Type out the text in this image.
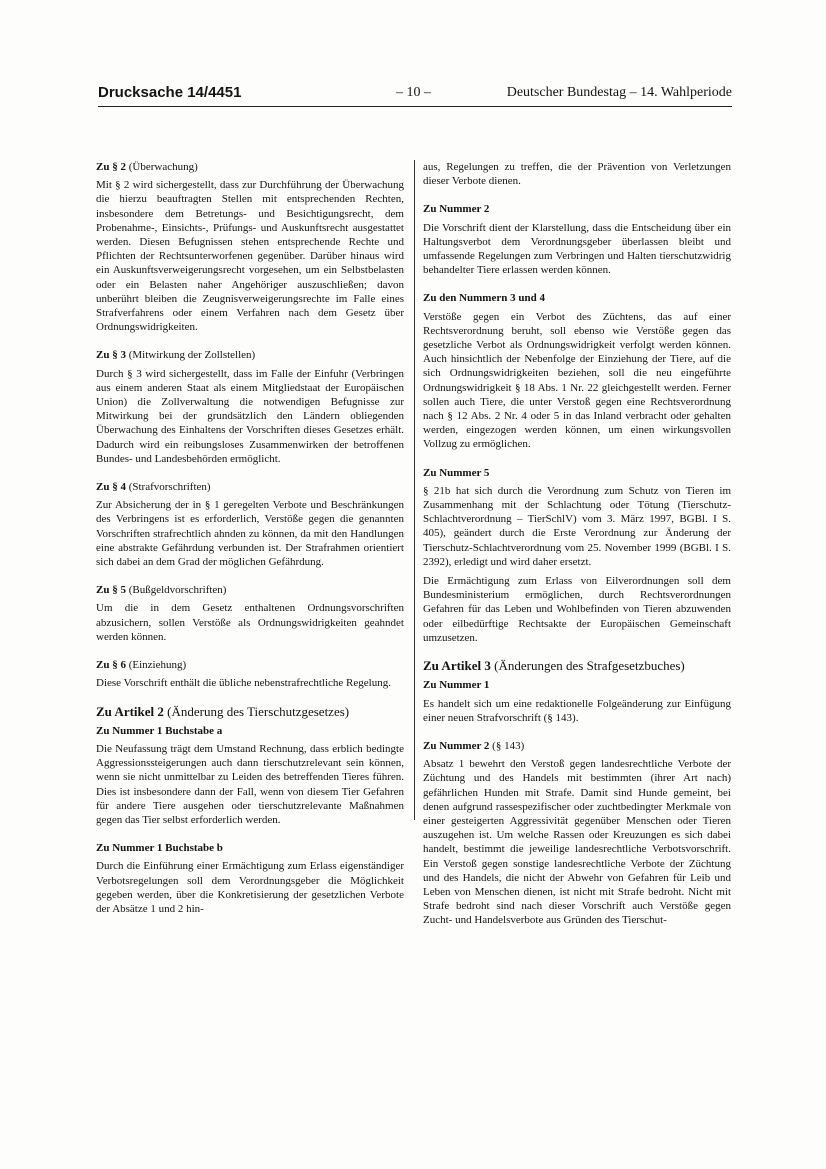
Drucksache 14/4451	– 10 –	Deutscher Bundestag – 14. Wahlperiode
Zu § 2 (Überwachung)

Mit § 2 wird sichergestellt, dass zur Durchführung der Überwachung die hierzu beauftragten Stellen mit entsprechenden Rechten, insbesondere dem Betretungs- und Besichtigungsrecht, dem Probenahme-, Einsichts-, Prüfungs- und Auskunftsrecht ausgestattet werden. Diesen Befugnissen stehen entsprechende Rechte und Pflichten der Rechtsunterworfenen gegenüber. Darüber hinaus wird ein Auskunftsverweigerungsrecht vorgesehen, um ein Selbstbelasten oder ein Belasten naher Angehöriger auszuschließen; davon unberührt bleiben die Zeugnisverweigerungsrechte im Falle eines Strafverfahrens oder einem Verfahren nach dem Gesetz über Ordnungswidrigkeiten.

Zu § 3 (Mitwirkung der Zollstellen)

Durch § 3 wird sichergestellt, dass im Falle der Einfuhr (Verbringen aus einem anderen Staat als einem Mitgliedstaat der Europäischen Union) die Zollverwaltung die notwendigen Befugnisse zur Mitwirkung bei der grundsätzlich den Ländern obliegenden Überwachung des Einhaltens der Vorschriften dieses Gesetzes erhält. Dadurch wird ein reibungsloses Zusammenwirken der betroffenen Bundes- und Landesbehörden ermöglicht.

Zu § 4 (Strafvorschriften)

Zur Absicherung der in § 1 geregelten Verbote und Beschränkungen des Verbringens ist es erforderlich, Verstöße gegen die genannten Vorschriften strafrechtlich ahnden zu können, da mit den Handlungen eine abstrakte Gefährdung verbunden ist. Der Strafrahmen orientiert sich dabei an dem Grad der möglichen Gefährdung.

Zu § 5 (Bußgeldvorschriften)

Um die in dem Gesetz enthaltenen Ordnungsvorschriften abzusichern, sollen Verstöße als Ordnungswidrigkeiten geahndet werden können.

Zu § 6 (Einziehung)

Diese Vorschrift enthält die übliche nebenstrafrechtliche Regelung.

Zu Artikel 2 (Änderung des Tierschutzgesetzes)
Zu Nummer 1 Buchstabe a

Die Neufassung trägt dem Umstand Rechnung, dass erblich bedingte Aggressionssteigerungen auch dann tierschutzrelevant sein können, wenn sie nicht unmittelbar zu Leiden des betreffenden Tieres führen. Dies ist insbesondere dann der Fall, wenn von diesem Tier Gefahren für andere Tiere ausgehen oder tierschutzrelevante Maßnahmen gegen das Tier selbst erforderlich werden.

Zu Nummer 1 Buchstabe b

Durch die Einführung einer Ermächtigung zum Erlass eigenständiger Verbotsregelungen soll dem Verordnungsgeber die Möglichkeit gegeben werden, über die Konkretisierung der gesetzlichen Verbote der Absätze 1 und 2 hin-

aus, Regelungen zu treffen, die der Prävention von Verletzungen dieser Verbote dienen.

Zu Nummer 2

Die Vorschrift dient der Klarstellung, dass die Entscheidung über ein Haltungsverbot dem Verordnungsgeber überlassen bleibt und umfassende Regelungen zum Verbringen und Halten tierschutzwidrig behandelter Tiere erlassen werden können.

Zu den Nummern 3 und 4

Verstöße gegen ein Verbot des Züchtens, das auf einer Rechtsverordnung beruht, soll ebenso wie Verstöße gegen das gesetzliche Verbot als Ordnungswidrigkeit verfolgt werden können. Auch hinsichtlich der Nebenfolge der Einziehung der Tiere, auf die sich Ordnungswidrigkeiten beziehen, soll die neu eingeführte Ordnungswidrigkeit § 18 Abs. 1 Nr. 22 gleichgestellt werden. Ferner sollen auch Tiere, die unter Verstoß gegen eine Rechtsverordnung nach § 12 Abs. 2 Nr. 4 oder 5 in das Inland verbracht oder gehalten werden, eingezogen werden können, um einen wirkungsvollen Vollzug zu ermöglichen.

Zu Nummer 5

§ 21b hat sich durch die Verordnung zum Schutz von Tieren im Zusammenhang mit der Schlachtung oder Tötung (Tierschutz-Schlachtverordnung – TierSchlV) vom 3. März 1997, BGBl. I S. 405), geändert durch die Erste Verordnung zur Änderung der Tierschutz-Schlachtverordnung vom 25. November 1999 (BGBl. I S. 2392), erledigt und wird daher ersetzt.

Die Ermächtigung zum Erlass von Eilverordnungen soll dem Bundesministerium ermöglichen, durch Rechtsverordnungen Gefahren für das Leben und Wohlbefinden von Tieren abzuwenden oder eilbedürftige Rechtsakte der Europäischen Gemeinschaft umzusetzen.

Zu Artikel 3 (Änderungen des Strafgesetzbuches)
Zu Nummer 1

Es handelt sich um eine redaktionelle Folgeänderung zur Einfügung einer neuen Strafvorschrift (§ 143).

Zu Nummer 2 (§ 143)

Absatz 1 bewehrt den Verstoß gegen landesrechtliche Verbote der Züchtung und des Handels mit bestimmten (ihrer Art nach) gefährlichen Hunden mit Strafe. Damit sind Hunde gemeint, bei denen aufgrund rassespezifischer oder zuchtbedingter Merkmale von einer gesteigerten Aggressivität gegenüber Menschen oder Tieren auszugehen ist. Um welche Rassen oder Kreuzungen es sich dabei handelt, bestimmt die jeweilige landesrechtliche Verbotsvorschrift. Ein Verstoß gegen sonstige landesrechtliche Verbote der Züchtung und des Handels, die nicht der Abwehr von Gefahren für Leib und Leben von Menschen dienen, ist nicht mit Strafe bedroht. Nicht mit Strafe bedroht sind nach dieser Vorschrift auch Verstöße gegen Zucht- und Handelsverbote aus Gründen des Tierschut-
